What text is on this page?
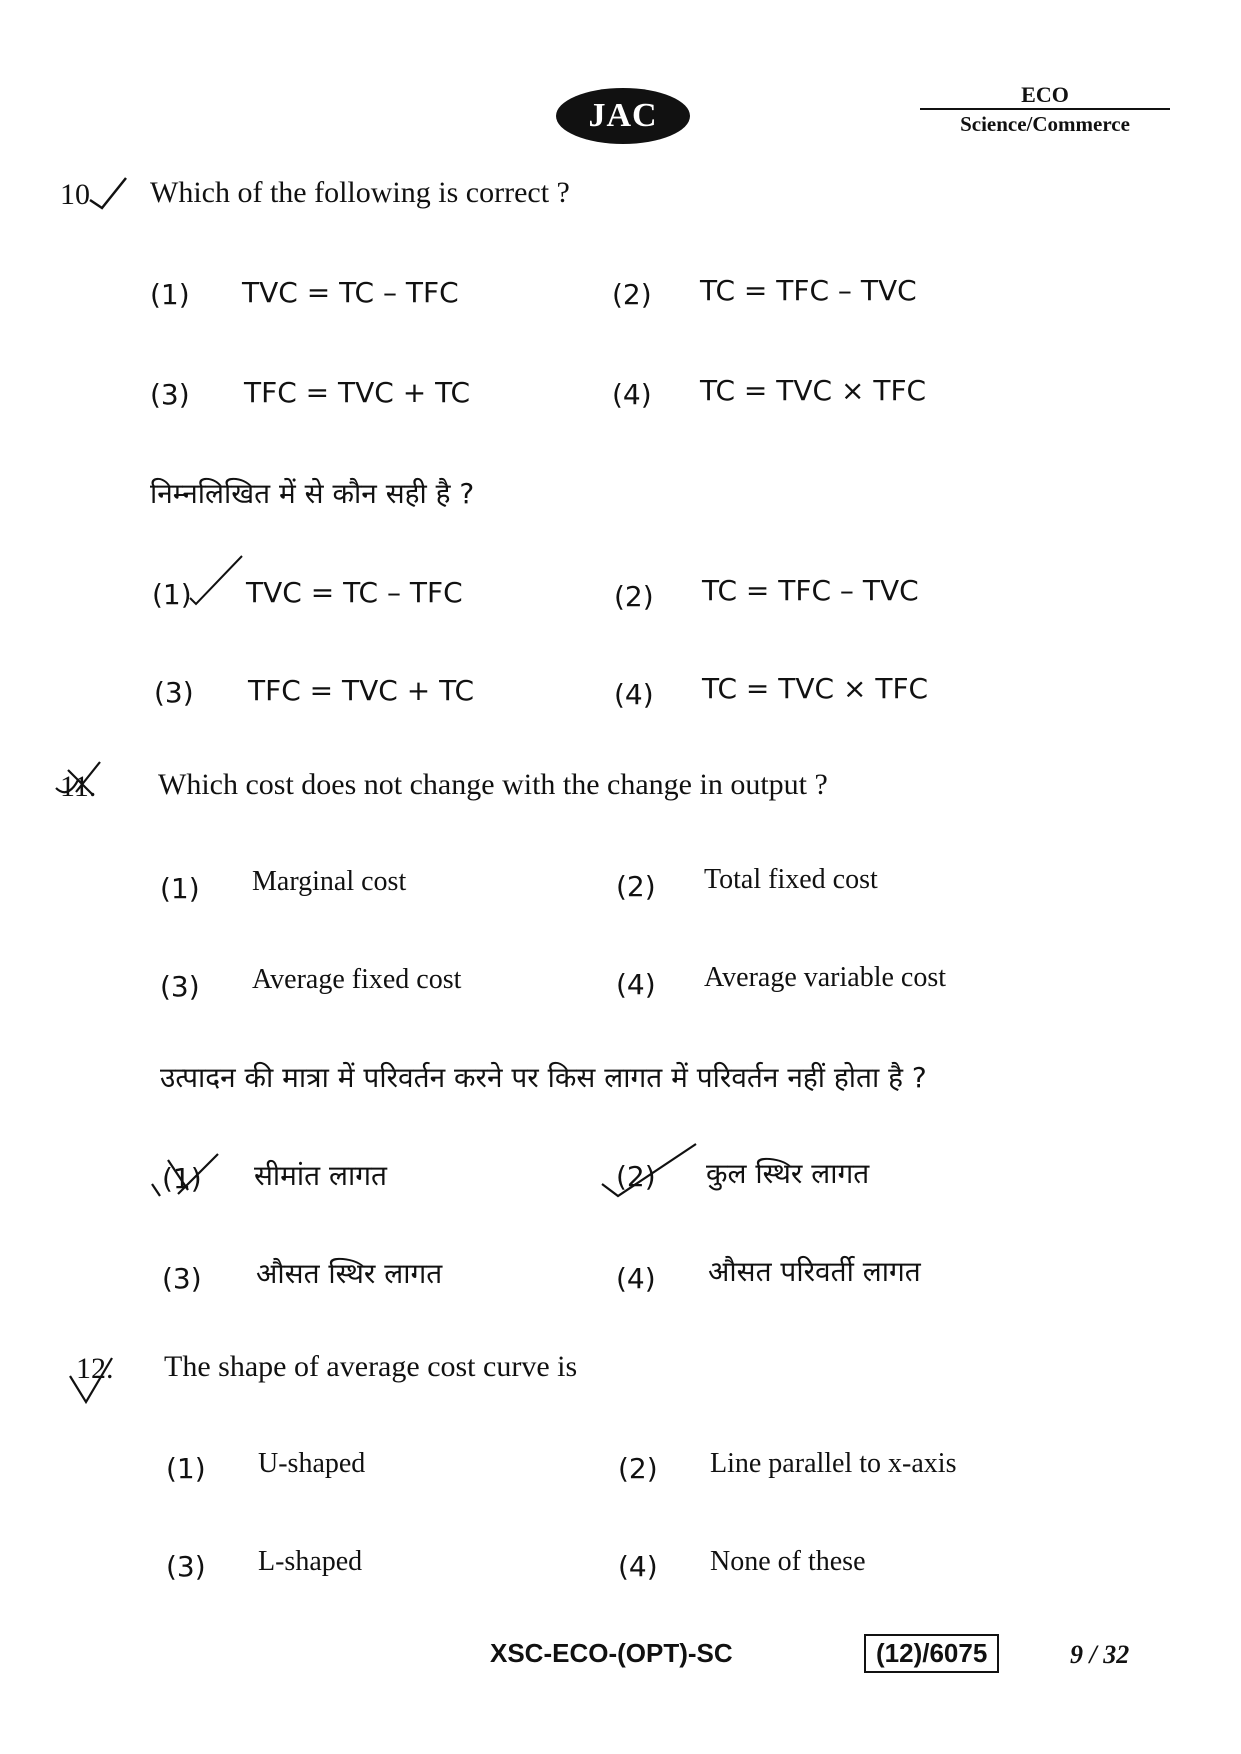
JAC
ECO
Science/Commerce
10 Which of the following is correct ?
(1) TVC = TC – TFC	(2) TC = TFC – TVC
(3) TFC = TVC + TC	(4) TC = TVC × TFC
निम्नलिखित में से कौन सही है ?
(1) TVC = TC – TFC	(2) TC = TFC – TVC
(3) TFC = TVC + TC	(4) TC = TVC × TFC
11. Which cost does not change with the change in output ?
(1) Marginal cost	(2) Total fixed cost
(3) Average fixed cost	(4) Average variable cost
उत्पादन की मात्रा में परिवर्तन करने पर किस लागत में परिवर्तन नहीं होता है ?
(1) सीमांत लागत	(2) कुल स्थिर लागत
(3) औसत स्थिर लागत	(4) औसत परिवर्ती लागत
12. The shape of average cost curve is
(1) U-shaped	(2) Line parallel to x-axis
(3) L-shaped	(4) None of these
XSC-ECO-(OPT)-SC	(12)/6075	9 / 32
